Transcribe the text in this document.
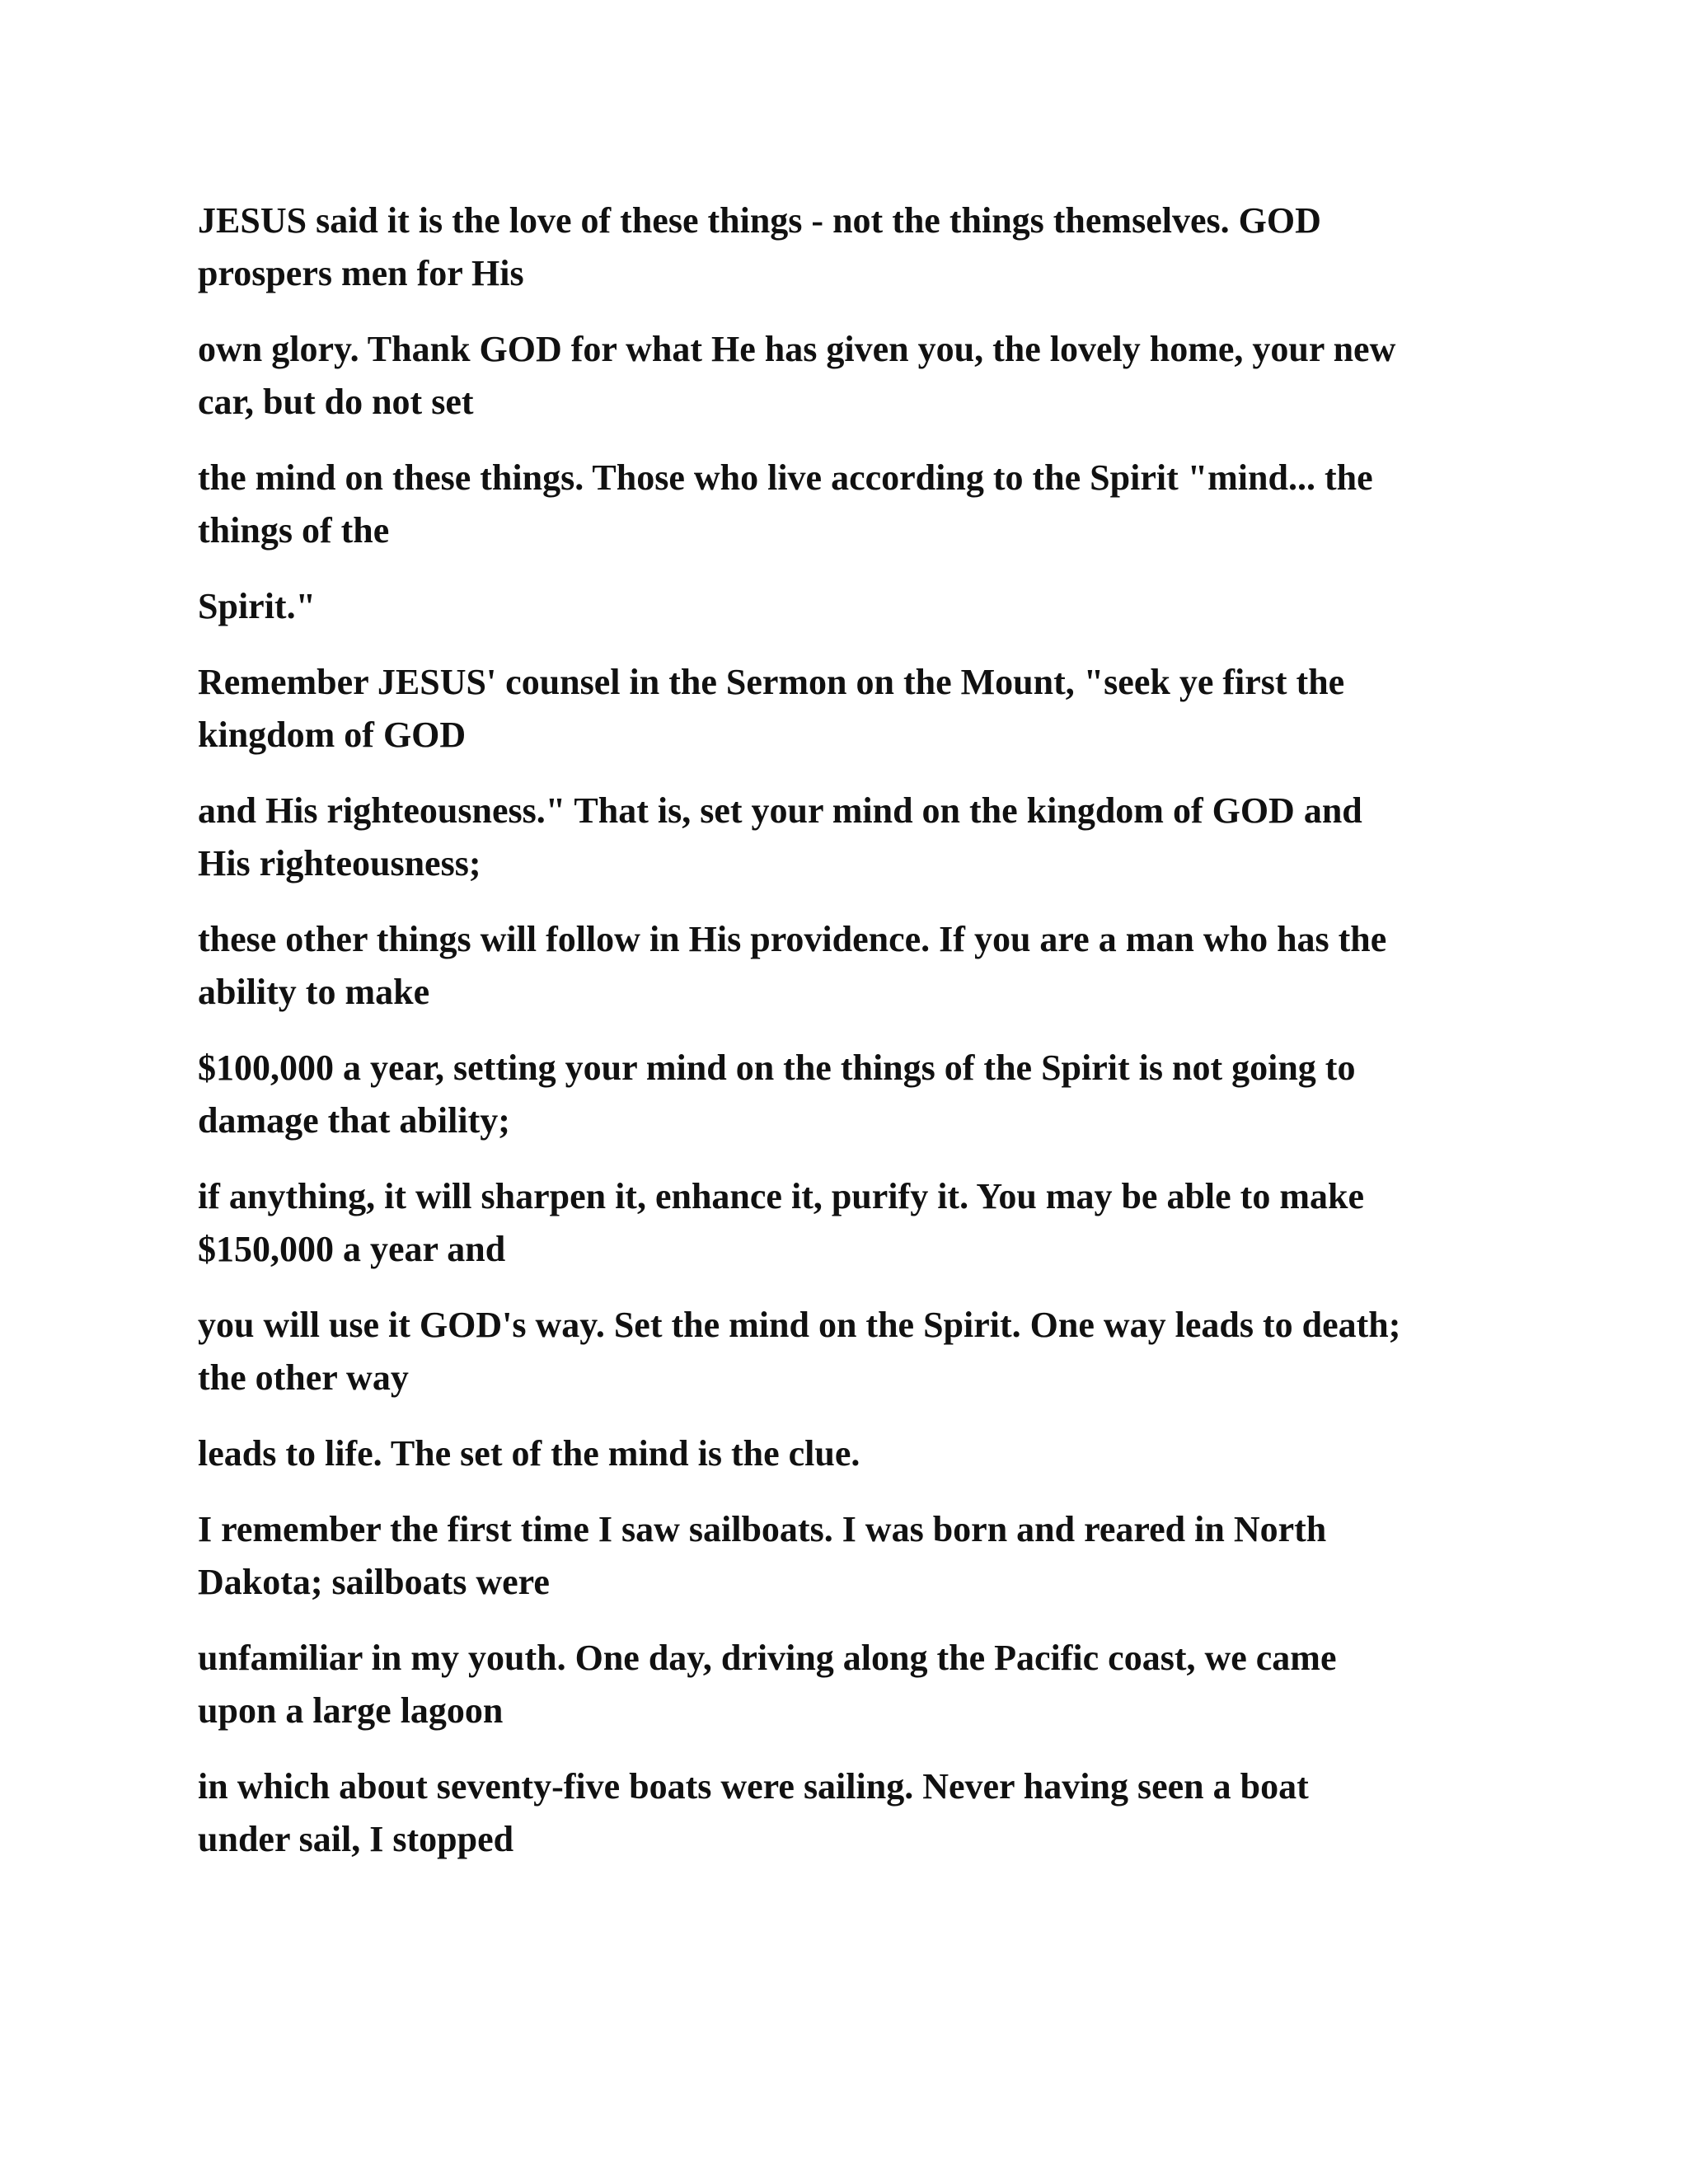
JESUS said it is the love of these things - not the things themselves. GOD
prospers men for His

own glory. Thank GOD for what He has given you, the lovely home, your new
car, but do not set

the mind on these things. Those who live according to the Spirit "mind... the
things of the

Spirit."

Remember JESUS' counsel in the Sermon on the Mount, "seek ye first the
kingdom of GOD

and His righteousness." That is, set your mind on the kingdom of GOD and
His righteousness;

these other things will follow in His providence. If you are a man who has the
ability to make

$100,000 a year, setting your mind on the things of the Spirit is not going to
damage that ability;

if anything, it will sharpen it, enhance it, purify it. You may be able to make
$150,000 a year and

you will use it GOD's way. Set the mind on the Spirit. One way leads to death;
the other way

leads to life. The set of the mind is the clue.

I remember the first time I saw sailboats. I was born and reared in North
Dakota; sailboats were

unfamiliar in my youth. One day, driving along the Pacific coast, we came
upon a large lagoon

in which about seventy-five boats were sailing. Never having seen a boat
under sail, I stopped
